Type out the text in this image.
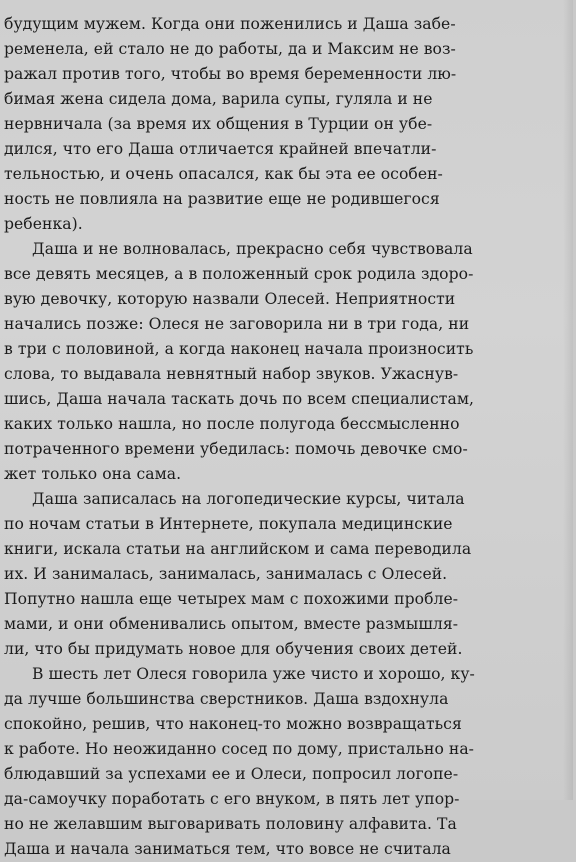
будущим мужем. Когда они поженились и Даша забе-
ременела, ей стало не до работы, да и Максим не воз-
ражал против того, чтобы во время беременности лю-
бимая жена сидела дома, варила супы, гуляла и не
нервничала (за время их общения в Турции он убе-
дился, что его Даша отличается крайней впечатли-
тельностью, и очень опасался, как бы эта ее особен-
ность не повлияла на развитие еще не родившегося
ребенка).
Даша и не волновалась, прекрасно себя чувствовала
все девять месяцев, а в положенный срок родила здоро-
вую девочку, которую назвали Олесей. Неприятности
начались позже: Олеся не заговорила ни в три года, ни
в три с половиной, а когда наконец начала произносить
слова, то выдавала невнятный набор звуков. Ужаснув-
шись, Даша начала таскать дочь по всем специалистам,
каких только нашла, но после полугода бессмысленно
потраченного времени убедилась: помочь девочке смо-
жет только она сама.
Даша записалась на логопедические курсы, читала
по ночам статьи в Интернете, покупала медицинские
книги, искала статьи на английском и сама переводила
их. И занималась, занималась, занималась с Олесей.
Попутно нашла еще четырех мам с похожими пробле-
мами, и они обменивались опытом, вместе размышля-
ли, что бы придумать новое для обучения своих детей.
В шесть лет Олеся говорила уже чисто и хорошо, ку-
да лучше большинства сверстников. Даша вздохнула
спокойно, решив, что наконец-то можно возвращаться
к работе. Но неожиданно сосед по дому, пристально на-
блюдавший за успехами ее и Олеси, попросил логопе-
да-самоучку поработать с его внуком, в пять лет упор-
но не желавшим выговаривать половину алфавита. Та
Даша и начала заниматься тем, что вовсе не считала
